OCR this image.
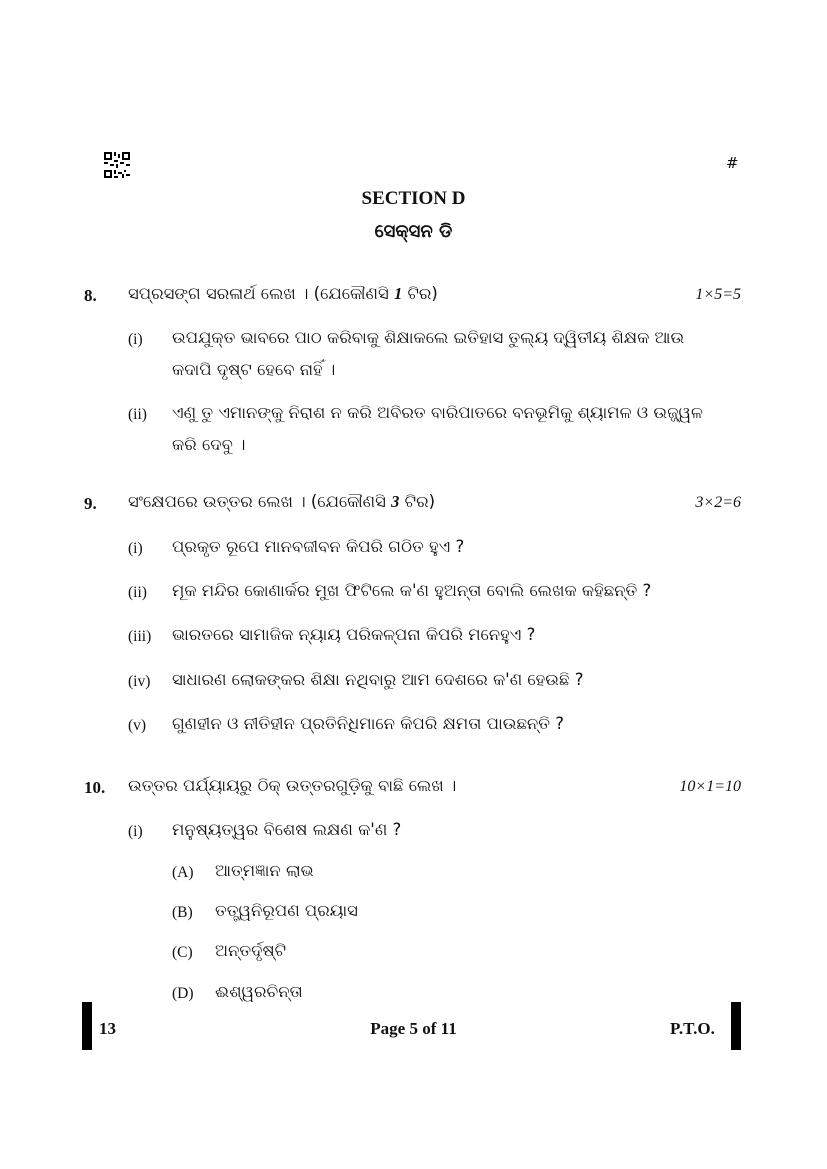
#
SECTION D
ସେକ୍ସନ ଡି
8. ସପ୍ରସଙ୍ଗ ସରଳାର୍ଥ ଲେଖ । (ଯେକୌଣସି 1 ଟିର)	1×5=5
(i) ଉପଯୁକ୍ତ ଭାବରେ ପାଠ କରିବାକୁ ଶିକ୍ଷାକଲେ ଇତିହାସ ତୁଲ୍ୟ ଦ୍ୱିତୀୟ ଶିକ୍ଷକ ଆଉ କଦାପି ଦୃଷ୍ଟ ହେବେ ନାହିଁ ।
(ii) ଏଣୁ ତୁ ଏମାନଙ୍କୁ ନିରାଶ ନ କରି ଅବିରତ ବାରିପାତରେ ବନଭୂମିକୁ ଶ୍ୟାମଳ ଓ ଉଜ୍ଜ୍ୱଳ କରି ଦେବୁ ।
9. ସଂକ୍ଷେପରେ ଉତ୍ତର ଲେଖ । (ଯେକୌଣସି 3 ଟିର)	3×2=6
(i) ପ୍ରକୃତ ରୂପେ ମାନବଜୀବନ କିପରି ଗଠିତ ହୁଏ ?
(ii) ମୂକ ମନ୍ଦିର କୋଣାର୍କର ମୁଖ ଫିଟିଲେ କ'ଣ ହୁଅନ୍ତା ବୋଲି ଲେଖକ କହିଛନ୍ତି ?
(iii) ଭାରତରେ ସାମାଜିକ ନ୍ୟାୟ ପରିକଳ୍ପନା କିପରି ମନେହୁଏ ?
(iv) ସାଧାରଣ ଲୋକଙ୍କର ଶିକ୍ଷା ନଥିବାରୁ ଆମ ଦେଶରେ କ'ଣ ହେଉଛି ?
(v) ଗୁଣହୀନ ଓ ନୀତିହୀନ ପ୍ରତିନିଧିମାନେ କିପରି କ୍ଷମତା ପାଉଛନ୍ତି ?
10. ଉତ୍ତର ପର୍ଯ୍ୟାୟରୁ ଠିକ୍ ଉତ୍ତରଗୁଡ଼ିକୁ ବାଛି ଲେଖ ।	10×1=10
(i) ମନୁଷ୍ୟତ୍ୱର ବିଶେଷ ଲକ୍ଷଣ କ'ଣ ?
(A) ଆତ୍ମଜ୍ଞାନ ଲାଭ
(B) ତତ୍ତ୍ୱନିରୂପଣ ପ୍ରୟାସ
(C) ଅନ୍ତର୍ଦୃଷ୍ଟି
(D) ଈଶ୍ୱରଚିନ୍ତା
13	Page 5 of 11	P.T.O.
